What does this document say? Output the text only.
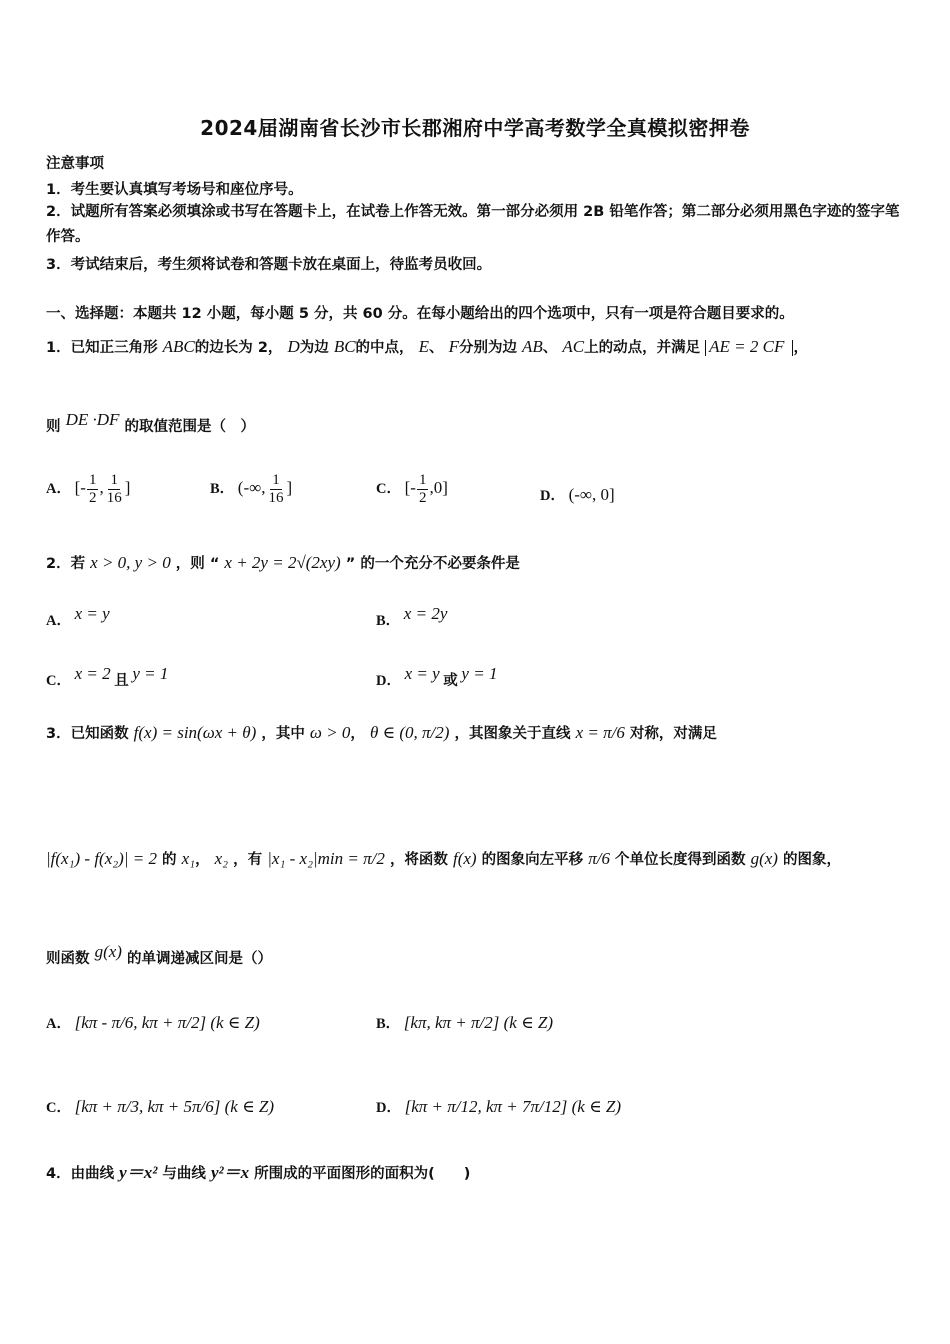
2024届湖南省长沙市长郡湘府中学高考数学全真模拟密押卷
注意事项
1．考生要认真填写考场号和座位序号。
2．试题所有答案必须填涂或书写在答题卡上，在试卷上作答无效。第一部分必须用 2B 铅笔作答；第二部分必须用黑色字迹的签字笔作答。
3．考试结束后，考生须将试卷和答题卡放在桌面上，待监考员收回。
一、选择题：本题共 12 小题，每小题 5 分，共 60 分。在每小题给出的四个选项中，只有一项是符合题目要求的。
1．已知正三角形 ABC的边长为 2， D为边 BC的中点， E、 F分别为边 AB、 AC上的动点，并满足 AE = 2 CF ，
则 DE ·DF 的取值范围是（　）
A． [- $\frac{1}{2}$ , $\frac{1}{16}$ ]	B． (-∞, $\frac{1}{16}$ ]	C． [- $\frac{1}{2} ,0$]	D． (-∞, 0]
2．若 x > 0, y > 0 ，则 “ x + 2y = 2√(2xy) ” 的一个充分不必要条件是
A． x = y	B． x = 2y
C． x = 2 且 y = 1	D． x = y 或 y = 1
3．已知函数 f(x) = sin(ωx + θ) ，其中 ω > 0， θ ∈ (0, π/2) ，其图象关于直线 x = π/6 对称，对满足
|f(x₁) - f(x₂)| = 2 的 x₁， x₂ ，有 |x₁ - x₂|min = π/2 ，将函数 f(x) 的图象向左平移 π/6 个单位长度得到函数 g(x) 的图象，
则函数 g(x) 的单调递减区间是（）
A． [kπ - π/6, kπ + π/2] (k ∈ Z)	B． [kπ, kπ + π/2] (k ∈ Z)
C． [kπ + π/3, kπ + 5π/6] (k ∈ Z)	D． [kπ + π/12, kπ + 7π/12] (k ∈ Z)
4．由曲线 y＝x² 与曲线 y²＝x 所围成的平面图形的面积为(　　)
